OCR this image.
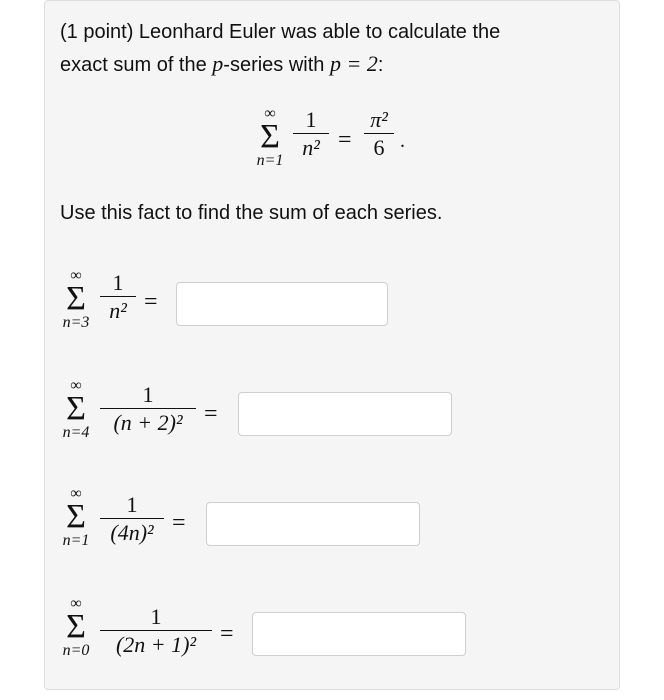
(1 point) Leonhard Euler was able to calculate the
exact sum of the p-series with p = 2:
∞
Σ
n=1
1
n² =
π²
6 .
Use this fact to find the sum of each series.
∞
Σ
n=3
1
n² =
∞
Σ
n=4
1
(n + 2)² =
∞
Σ
n=1
1
(4n)² =
∞
Σ
n=0
1
(2n + 1)² =
